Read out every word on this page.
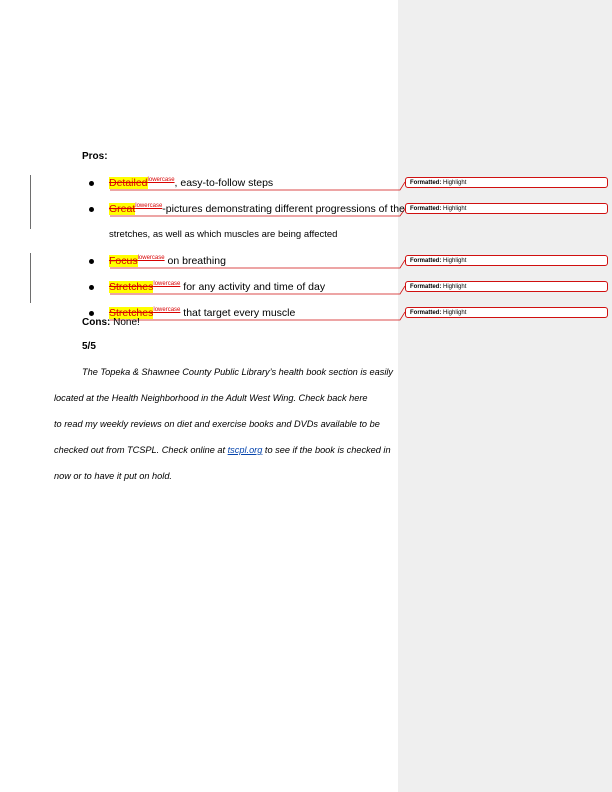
Pros:
Detailed$^{lowercase}$, easy-to-follow steps
Great$^{lowercase}$-pictures demonstrating different progressions of the
stretches, as well as which muscles are being affected
Focus$^{lowercase}$ on breathing
Stretches$^{lowercase}$ for any activity and time of day
Stretches$^{lowercase}$ that target every muscle
Cons: None!
5/5
The Topeka & Shawnee County Public Library’s health book section is easily
located at the Health Neighborhood in the Adult West Wing. Check back here
to read my weekly reviews on diet and exercise books and DVDs available to be
checked out from TCSPL. Check online at tscpl.org to see if the book is checked in
now or to have it put on hold.
Formatted: Highlight
Formatted: Highlight
Formatted: Highlight
Formatted: Highlight
Formatted: Highlight
